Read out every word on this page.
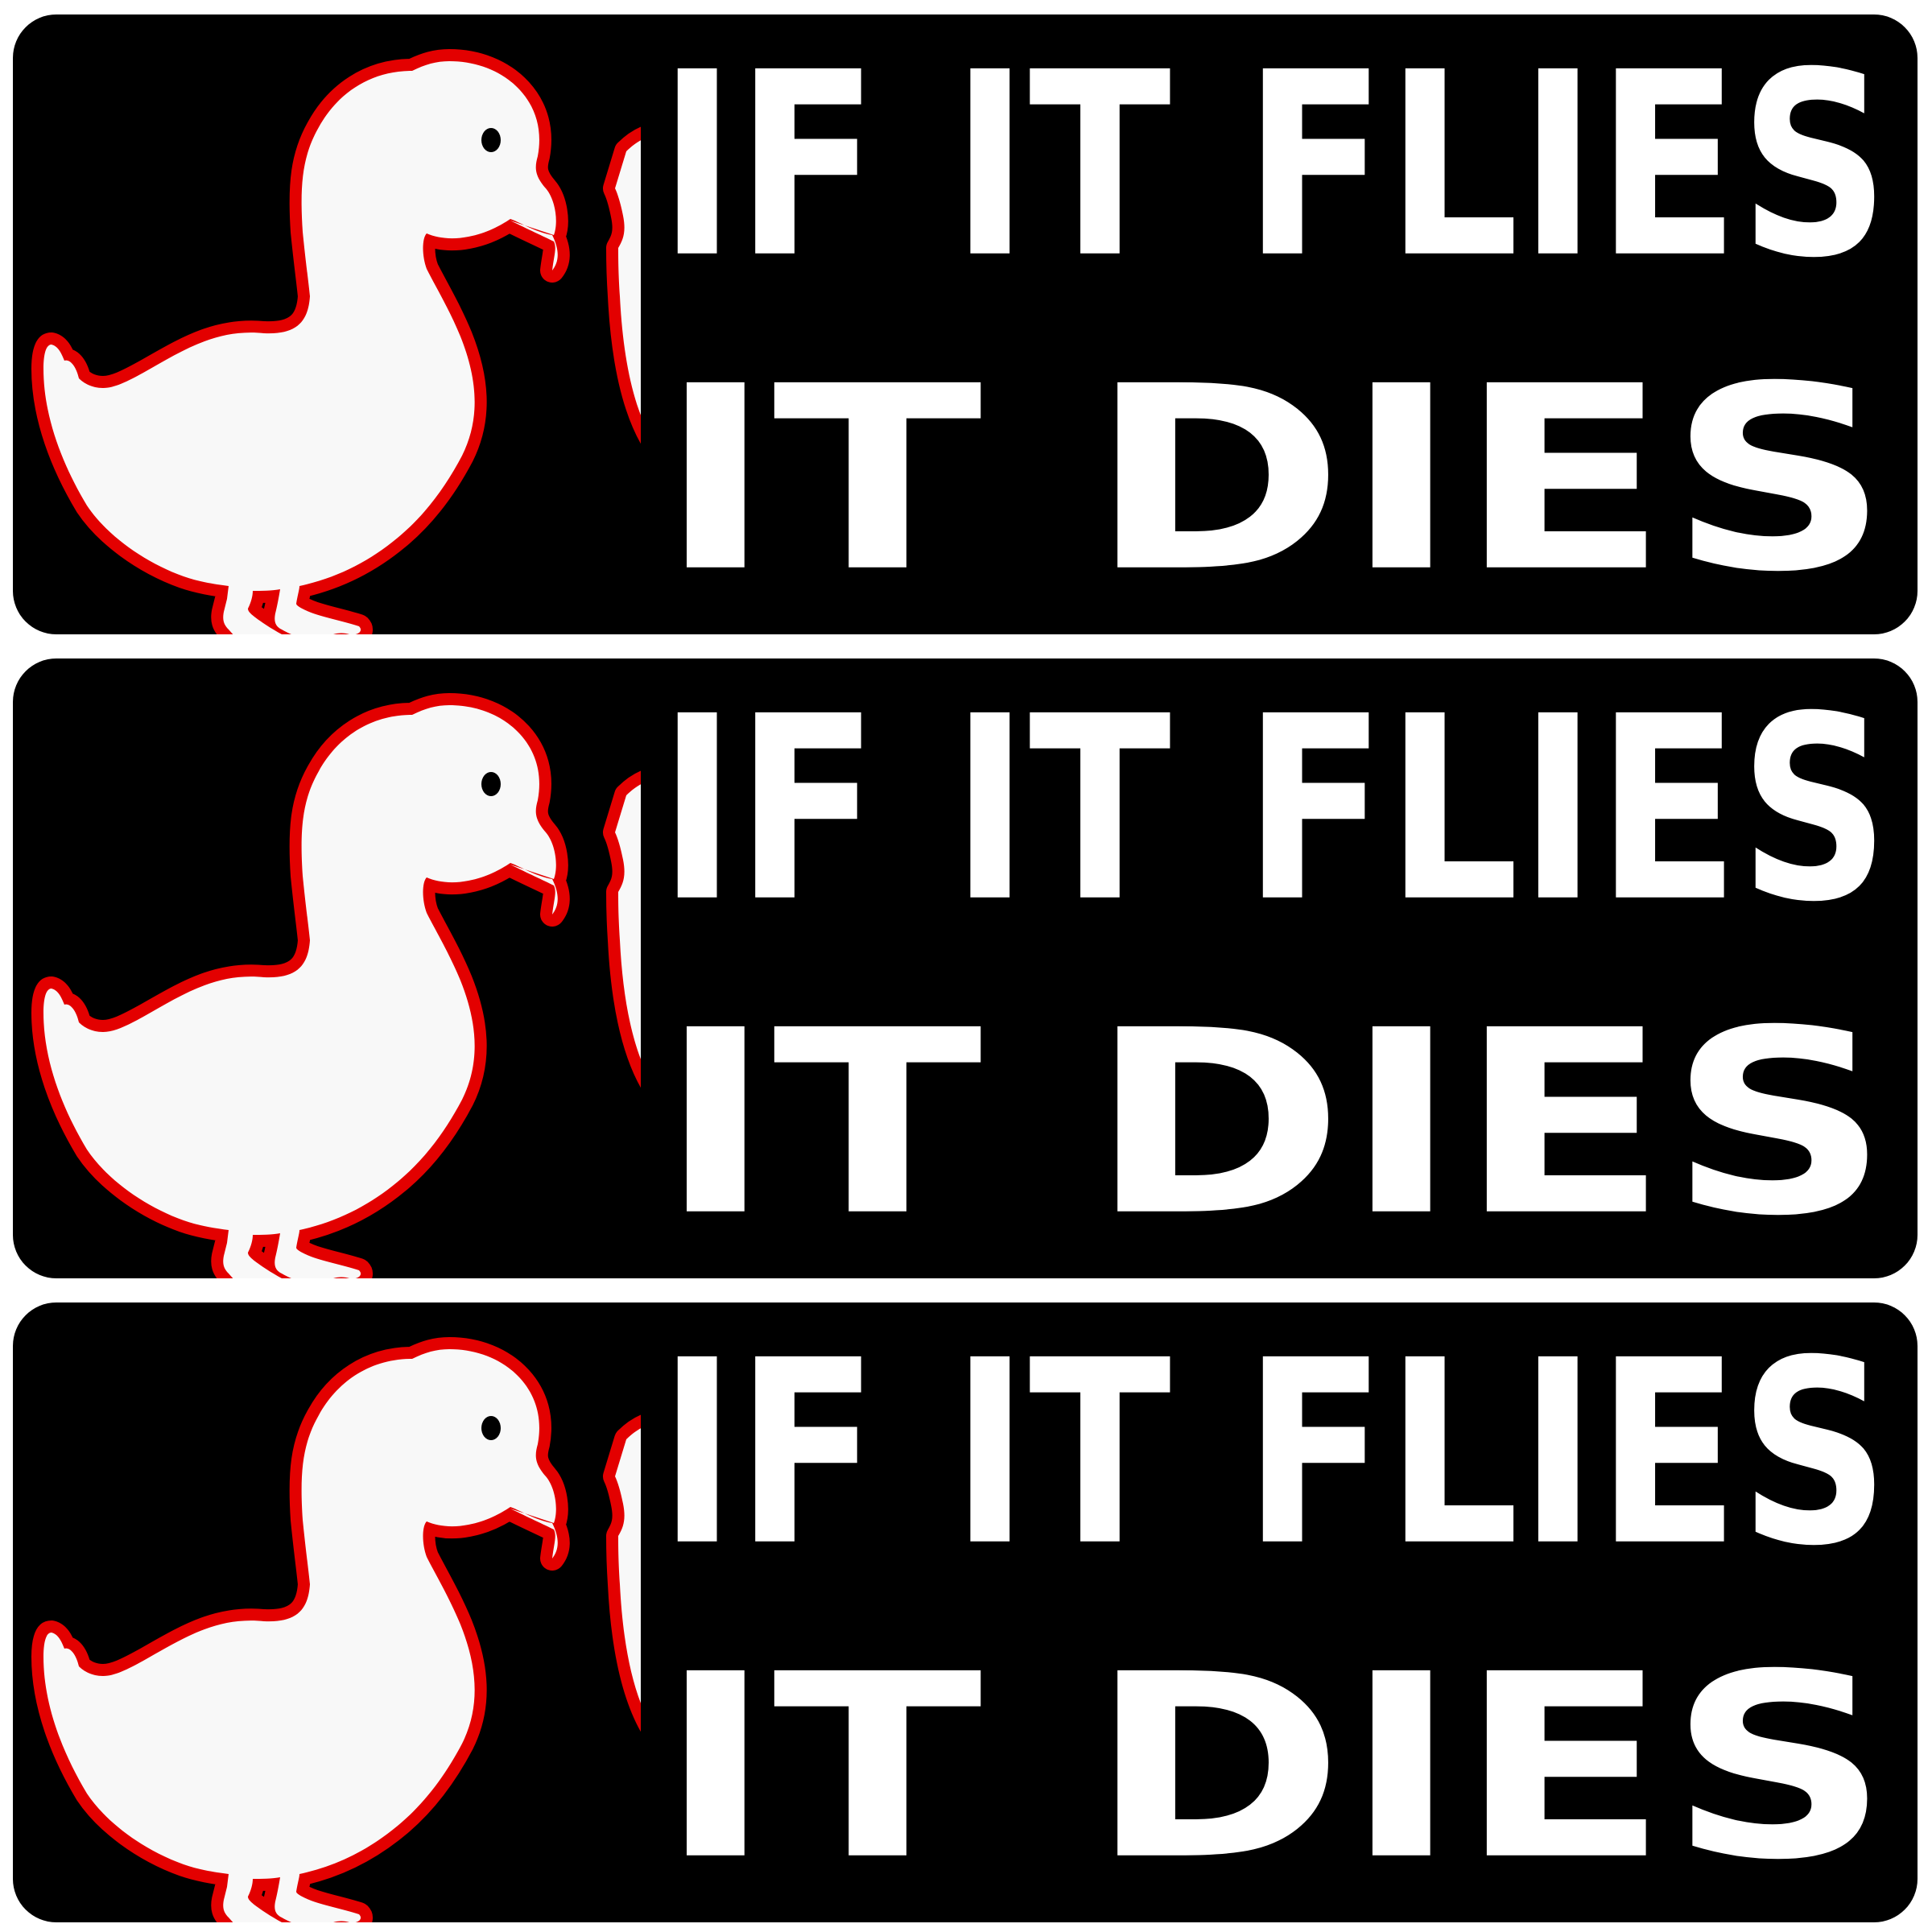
IF IT FLIES
IT DIES
IF IT FLIES
IT DIES
IF IT FLIES
IT DIES
